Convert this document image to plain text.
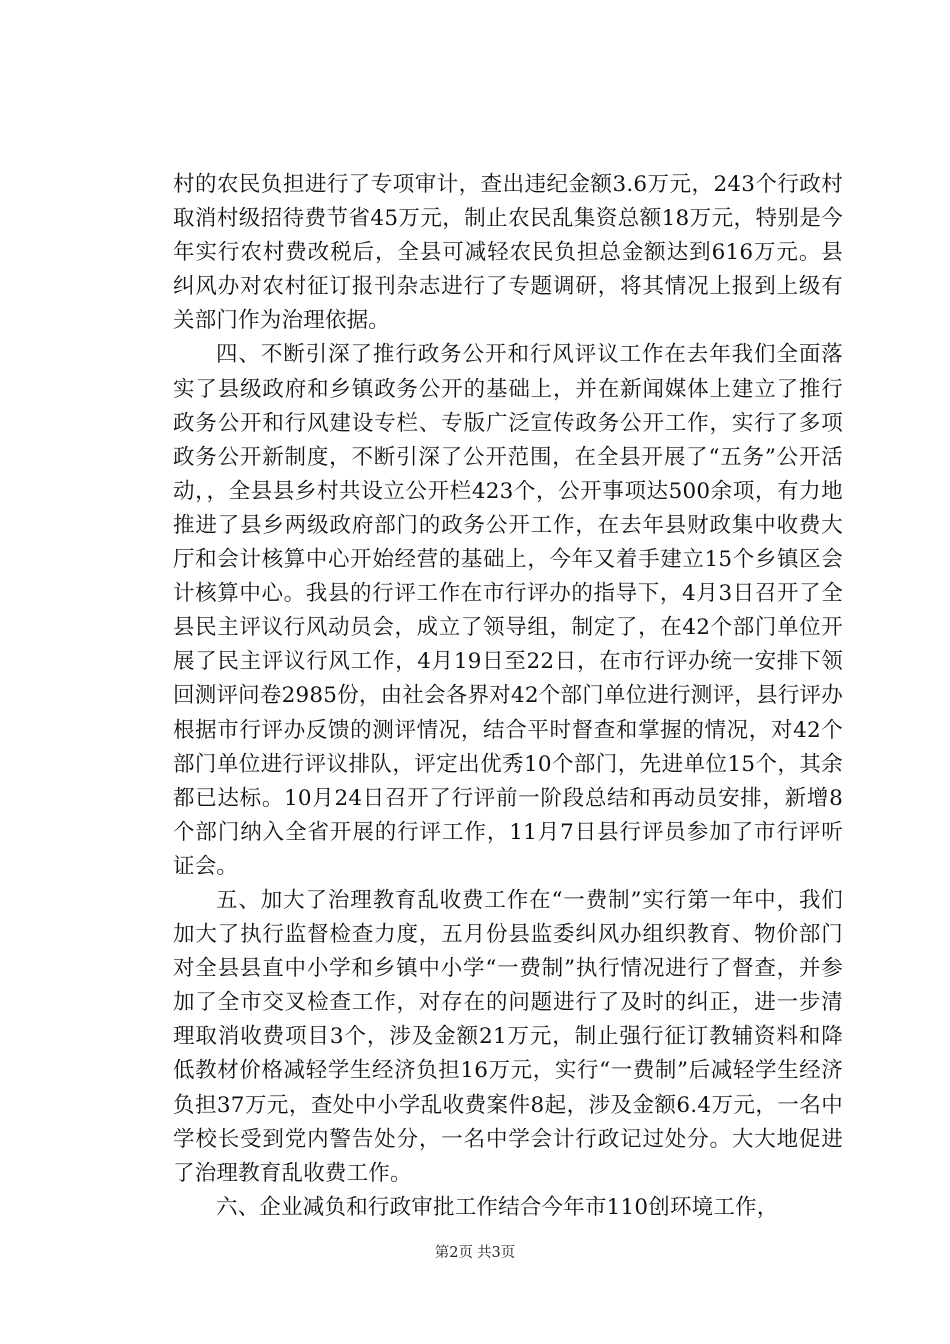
村的农民负担进行了专项审计，查出违纪金额3.6万元，243个行政村取消村级招待费节省45万元，制止农民乱集资总额18万元，特别是今年实行农村费改税后，全县可减轻农民负担总金额达到616万元。县纠风办对农村征订报刊杂志进行了专题调研，将其情况上报到上级有关部门作为治理依据。

四、不断引深了推行政务公开和行风评议工作在去年我们全面落实了县级政府和乡镇政务公开的基础上，并在新闻媒体上建立了推行政务公开和行风建设专栏、专版广泛宣传政务公开工作，实行了多项政务公开新制度，不断引深了公开范围，在全县开展了“五务”公开活动，，全县县乡村共设立公开栏423个，公开事项达500余项，有力地推进了县乡两级政府部门的政务公开工作，在去年县财政集中收费大厅和会计核算中心开始经营的基础上，今年又着手建立15个乡镇区会计核算中心。我县的行评工作在市行评办的指导下，4月3日召开了全县民主评议行风动员会，成立了领导组，制定了，在42个部门单位开展了民主评议行风工作，4月19日至22日，在市行评办统一安排下领回测评问卷2985份，由社会各界对42个部门单位进行测评，县行评办根据市行评办反馈的测评情况，结合平时督查和掌握的情况，对42个部门单位进行评议排队，评定出优秀10个部门，先进单位15个，其余都已达标。10月24日召开了行评前一阶段总结和再动员安排，新增8个部门纳入全省开展的行评工作，11月7日县行评员参加了市行评听证会。

五、加大了治理教育乱收费工作在“一费制”实行第一年中，我们加大了执行监督检查力度，五月份县监委纠风办组织教育、物价部门对全县县直中小学和乡镇中小学“一费制”执行情况进行了督查，并参加了全市交叉检查工作，对存在的问题进行了及时的纠正，进一步清理取消收费项目3个，涉及金额21万元，制止强行征订教辅资料和降低教材价格减轻学生经济负担16万元，实行“一费制”后减轻学生经济负担37万元，查处中小学乱收费案件8起，涉及金额6.4万元，一名中学校长受到党内警告处分，一名中学会计行政记过处分。大大地促进了治理教育乱收费工作。

六、企业减负和行政审批工作结合今年市110创环境工作，

第2页 共3页
